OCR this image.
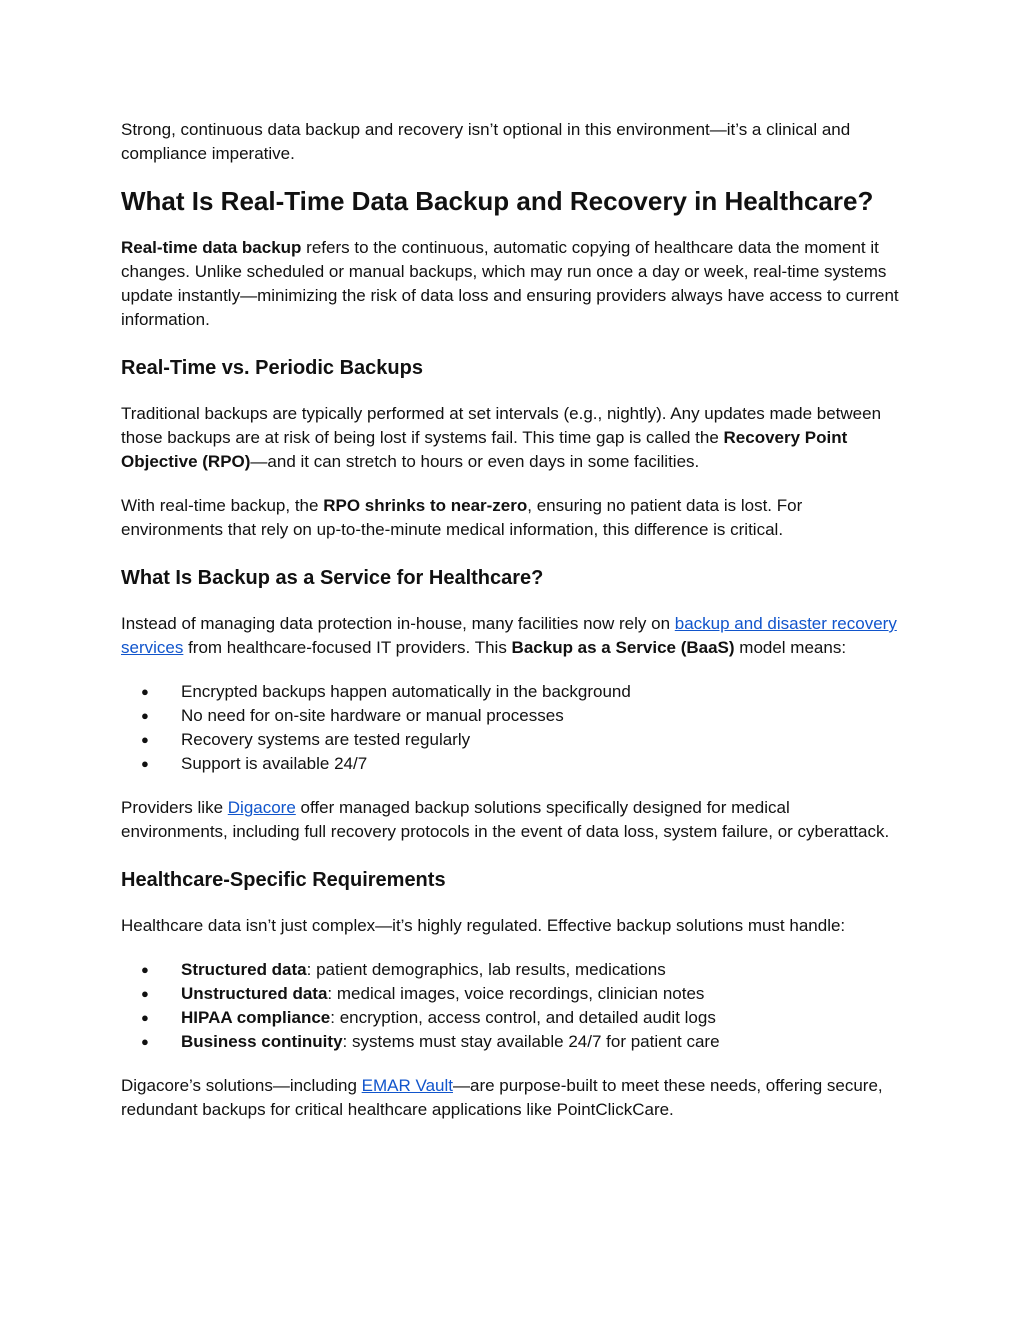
Strong, continuous data backup and recovery isn’t optional in this environment—it’s a clinical and compliance imperative.

What Is Real-Time Data Backup and Recovery in Healthcare?

Real-time data backup refers to the continuous, automatic copying of healthcare data the moment it changes. Unlike scheduled or manual backups, which may run once a day or week, real-time systems update instantly—minimizing the risk of data loss and ensuring providers always have access to current information.

Real-Time vs. Periodic Backups

Traditional backups are typically performed at set intervals (e.g., nightly). Any updates made between those backups are at risk of being lost if systems fail. This time gap is called the Recovery Point Objective (RPO)—and it can stretch to hours or even days in some facilities.

With real-time backup, the RPO shrinks to near-zero, ensuring no patient data is lost. For environments that rely on up-to-the-minute medical information, this difference is critical.

What Is Backup as a Service for Healthcare?

Instead of managing data protection in-house, many facilities now rely on backup and disaster recovery services from healthcare-focused IT providers. This Backup as a Service (BaaS) model means:

● Encrypted backups happen automatically in the background
● No need for on-site hardware or manual processes
● Recovery systems are tested regularly
● Support is available 24/7

Providers like Digacore offer managed backup solutions specifically designed for medical environments, including full recovery protocols in the event of data loss, system failure, or cyberattack.

Healthcare-Specific Requirements

Healthcare data isn’t just complex—it’s highly regulated. Effective backup solutions must handle:

● Structured data: patient demographics, lab results, medications
● Unstructured data: medical images, voice recordings, clinician notes
● HIPAA compliance: encryption, access control, and detailed audit logs
● Business continuity: systems must stay available 24/7 for patient care

Digacore’s solutions—including EMAR Vault—are purpose-built to meet these needs, offering secure, redundant backups for critical healthcare applications like PointClickCare.
